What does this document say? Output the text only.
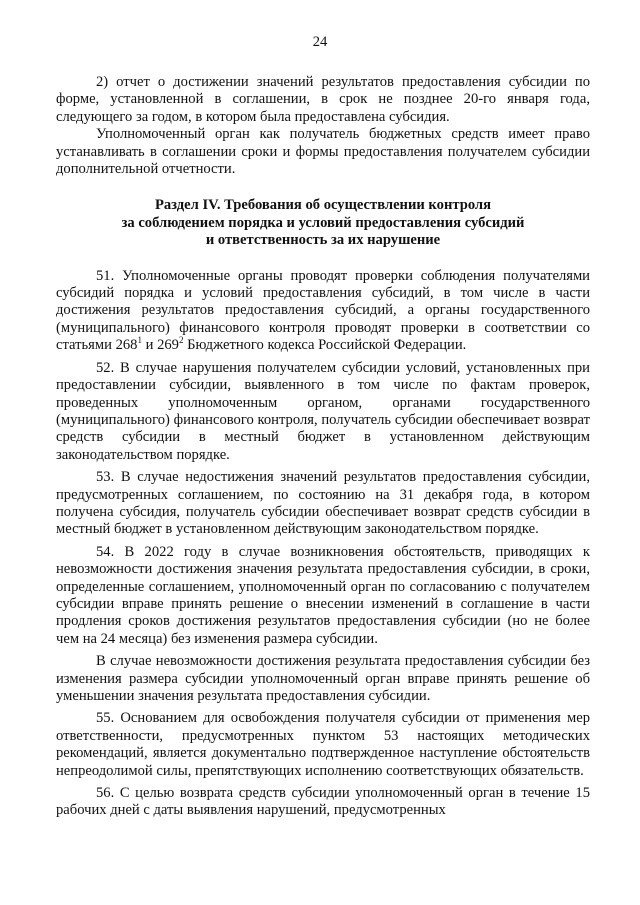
24

2) отчет о достижении значений результатов предоставления субсидии по форме, установленной в соглашении, в срок не позднее 20-го января года, следующего за годом, в котором была предоставлена субсидия.

Уполномоченный орган как получатель бюджетных средств имеет право устанавливать в соглашении сроки и формы предоставления получателем субсидии дополнительной отчетности.

Раздел IV. Требования об осуществлении контроля
за соблюдением порядка и условий предоставления субсидий
и ответственность за их нарушение

51. Уполномоченные органы проводят проверки соблюдения получателями субсидий порядка и условий предоставления субсидий, в том числе в части достижения результатов предоставления субсидий, а органы государственного (муниципального) финансового контроля проводят проверки в соответствии со статьями $268^1$ и $269^2$ Бюджетного кодекса Российской Федерации.

52. В случае нарушения получателем субсидии условий, установленных при предоставлении субсидии, выявленного в том числе по фактам проверок, проведенных уполномоченным органом, органами государственного (муниципального) финансового контроля, получатель субсидии обеспечивает возврат средств субсидии в местный бюджет в установленном действующим законодательством порядке.

53. В случае недостижения значений результатов предоставления субсидии, предусмотренных соглашением, по состоянию на 31 декабря года, в котором получена субсидия, получатель субсидии обеспечивает возврат средств субсидии в местный бюджет в установленном действующим законодательством порядке.

54. В 2022 году в случае возникновения обстоятельств, приводящих к невозможности достижения значения результата предоставления субсидии, в сроки, определенные соглашением, уполномоченный орган по согласованию с получателем субсидии вправе принять решение о внесении изменений в соглашение в части продления сроков достижения результатов предоставления субсидии (но не более чем на 24 месяца) без изменения размера субсидии.

В случае невозможности достижения результата предоставления субсидии без изменения размера субсидии уполномоченный орган вправе принять решение об уменьшении значения результата предоставления субсидии.

55. Основанием для освобождения получателя субсидии от применения мер ответственности, предусмотренных пунктом 53 настоящих методических рекомендаций, является документально подтвержденное наступление обстоятельств непреодолимой силы, препятствующих исполнению соответствующих обязательств.

56. С целью возврата средств субсидии уполномоченный орган в течение 15 рабочих дней с даты выявления нарушений, предусмотренных
